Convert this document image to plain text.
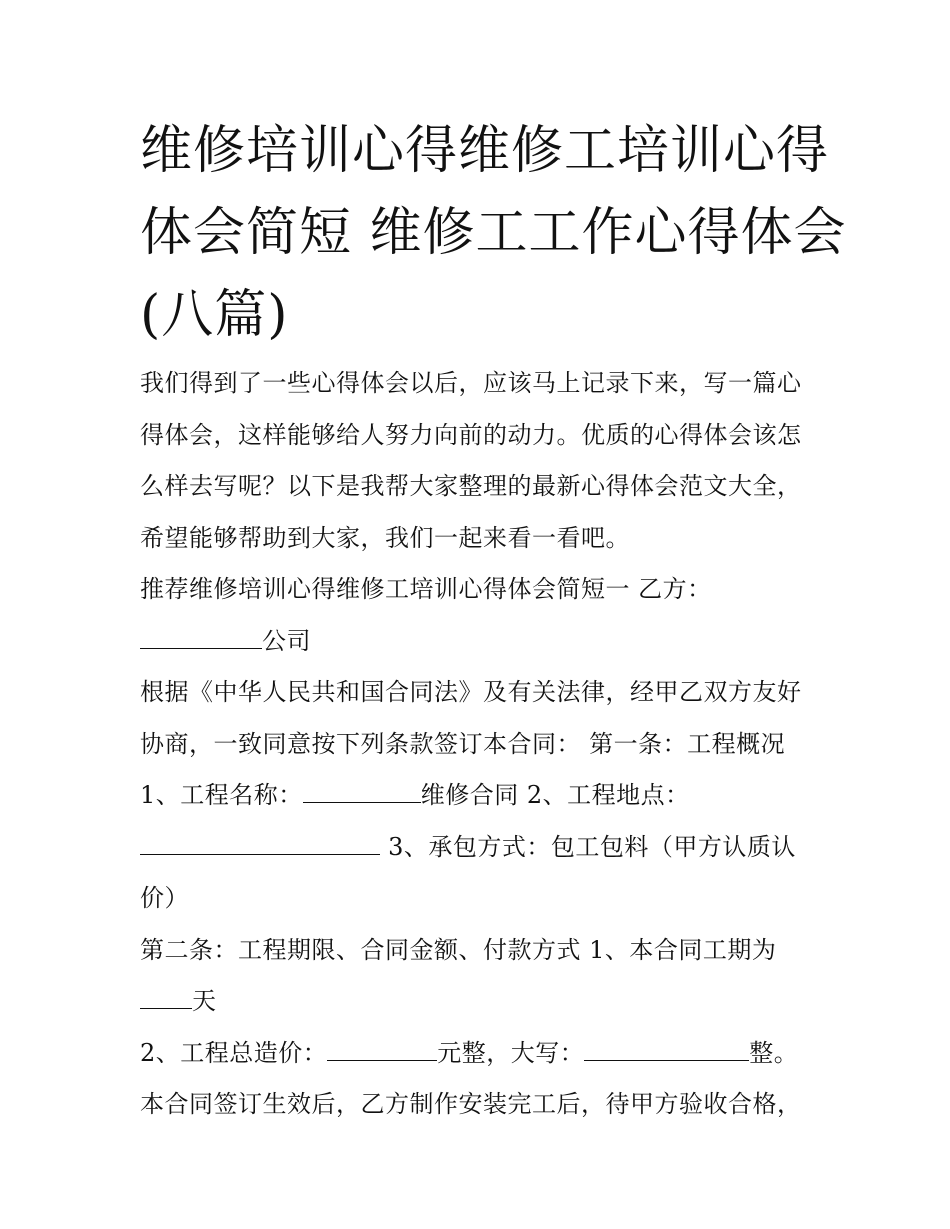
维修培训心得维修工培训心得
体会简短 维修工工作心得体会
(八篇)

我们得到了一些心得体会以后，应该马上记录下来，写一篇心
得体会，这样能够给人努力向前的动力。优质的心得体会该怎
么样去写呢？以下是我帮大家整理的最新心得体会范文大全，
希望能够帮助到大家，我们一起来看一看吧。

推荐维修培训心得维修工培训心得体会简短一 乙方：
公司

根据《中华人民共和国合同法》及有关法律，经甲乙双方友好
协商，一致同意按下列条款签订本合同： 第一条：工程概况
1、工程名称：	维修合同 2、工程地点：
3、承包方式：包工包料（甲方认质认
价）

第二条：工程期限、合同金额、付款方式 1、本合同工期为
天

2、工程总造价：	元整，大写：	整。
本合同签订生效后，乙方制作安装完工后，待甲方验收合格，
